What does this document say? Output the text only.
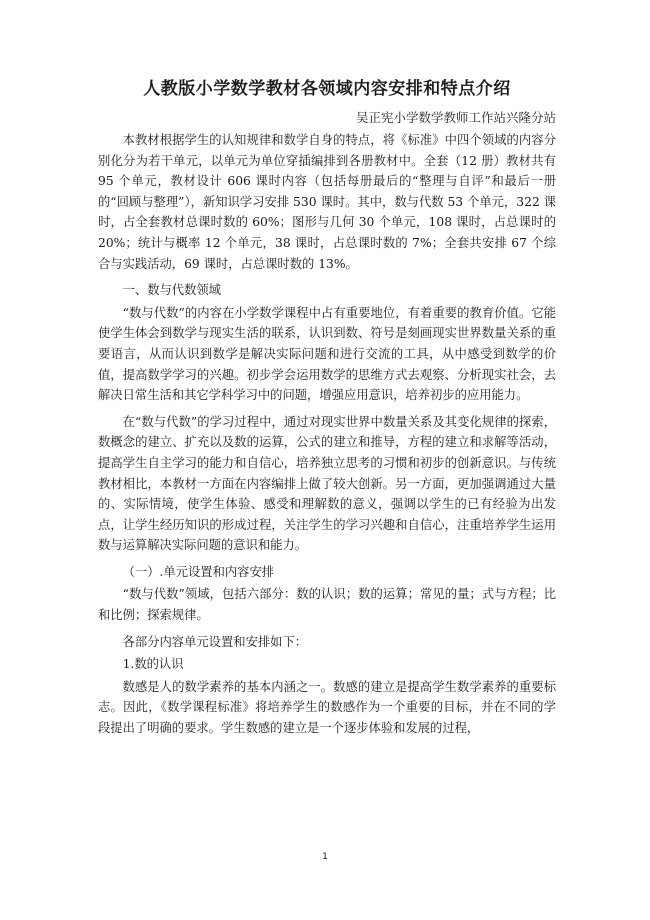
人教版小学数学教材各领域内容安排和特点介绍
吴正宪小学数学教师工作站兴隆分站

本教材根据学生的认知规律和数学自身的特点，将《标准》中四个领域的内容分别化分为若干单元，以单元为单位穿插编排到各册教材中。全套（12 册）教材共有 95 个单元，教材设计 606 课时内容（包括每册最后的“整理与自评”和最后一册的“回顾与整理”），新知识学习安排 530 课时。其中，数与代数 53 个单元，322 课时，占全套教材总课时数的 60%；图形与几何 30 个单元，108 课时，占总课时的 20%；统计与概率 12 个单元，38 课时，占总课时数的 7%；全套共安排 67 个综合与实践活动，69 课时，占总课时数的 13%。

一、数与代数领域

“数与代数”的内容在小学数学课程中占有重要地位，有着重要的教育价值。它能使学生体会到数学与现实生活的联系，认识到数、符号是刻画现实世界数量关系的重要语言，从而认识到数学是解决实际问题和进行交流的工具，从中感受到数学的价值，提高数学学习的兴趣。初步学会运用数学的思维方式去观察、分析现实社会，去解决日常生活和其它学科学习中的问题，增强应用意识，培养初步的应用能力。

在“数与代数”的学习过程中，通过对现实世界中数量关系及其变化规律的探索，数概念的建立、扩充以及数的运算，公式的建立和推导，方程的建立和求解等活动，提高学生自主学习的能力和自信心，培养独立思考的习惯和初步的创新意识。与传统教材相比，本教材一方面在内容编排上做了较大创新。另一方面，更加强调通过大量的、实际情境，使学生体验、感受和理解数的意义，强调以学生的已有经验为出发点，让学生经历知识的形成过程，关注学生的学习兴趣和自信心，注重培养学生运用数与运算解决实际问题的意识和能力。

（一）.单元设置和内容安排

“数与代数”领域，包括六部分：数的认识；数的运算；常见的量；式与方程；比和比例；探索规律。

各部分内容单元设置和安排如下：

1.数的认识

数感是人的数学素养的基本内涵之一。数感的建立是提高学生数学素养的重要标志。因此，《数学课程标准》将培养学生的数感作为一个重要的目标，并在不同的学段提出了明确的要求。学生数感的建立是一个逐步体验和发展的过程，

1
